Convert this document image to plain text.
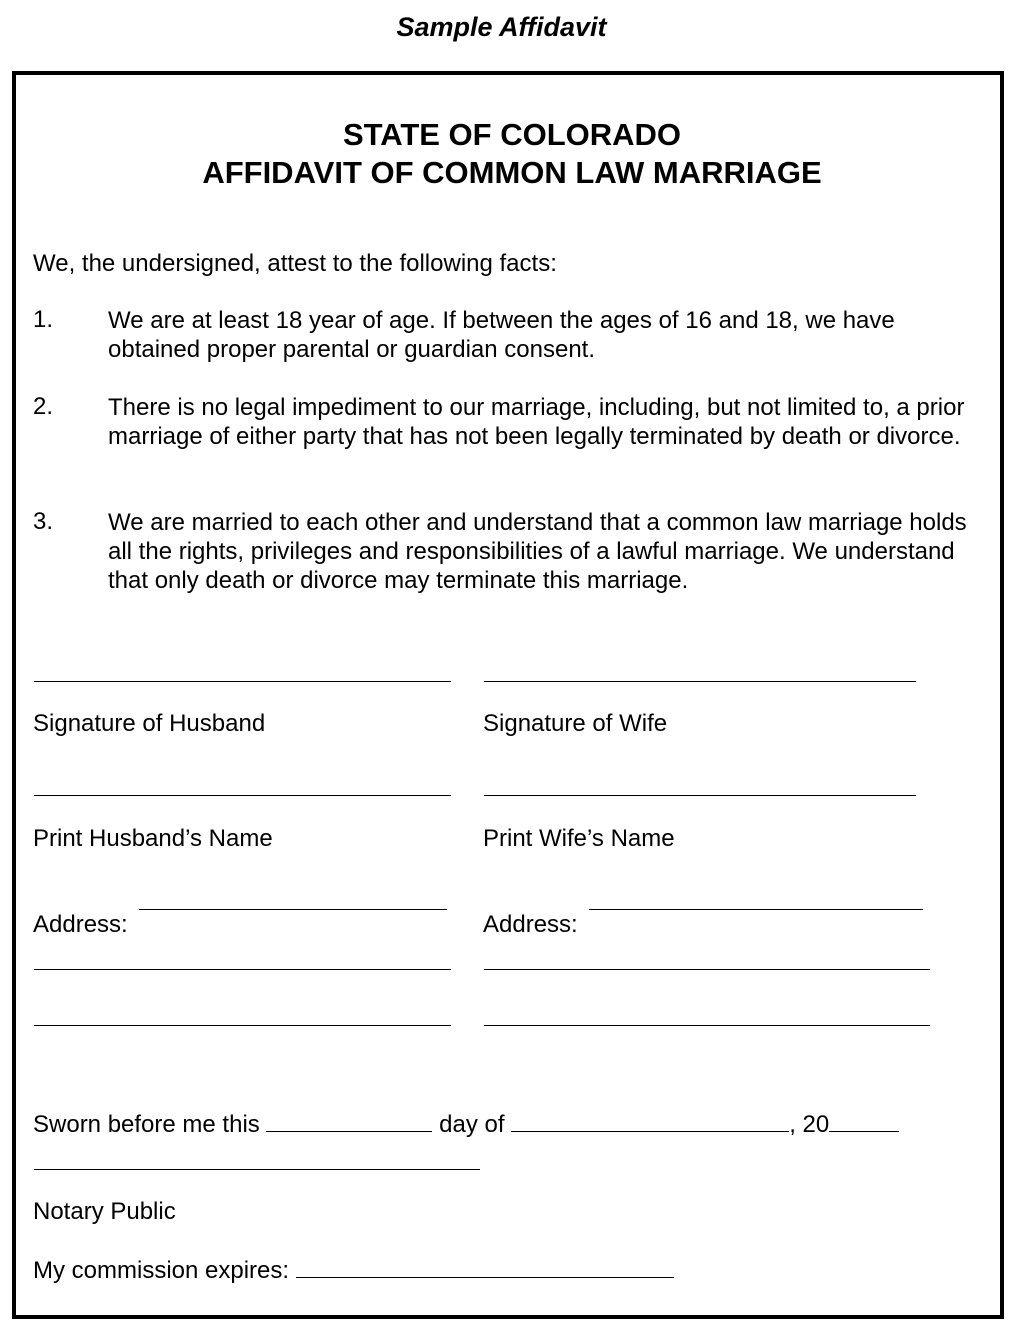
Sample Affidavit
STATE OF COLORADO
AFFIDAVIT OF COMMON LAW MARRIAGE
We, the undersigned, attest to the following facts:
1. We are at least 18 year of age. If between the ages of 16 and 18, we have obtained proper parental or guardian consent.
2. There is no legal impediment to our marriage, including, but not limited to, a prior marriage of either party that has not been legally terminated by death or divorce.
3. We are married to each other and understand that a common law marriage holds all the rights, privileges and responsibilities of a lawful marriage. We understand that only death or divorce may terminate this marriage.
Signature of Husband	Signature of Wife
Print Husband’s Name	Print Wife’s Name
Address:	Address:
Sworn before me this	day of	, 20
Notary Public
My commission expires:
